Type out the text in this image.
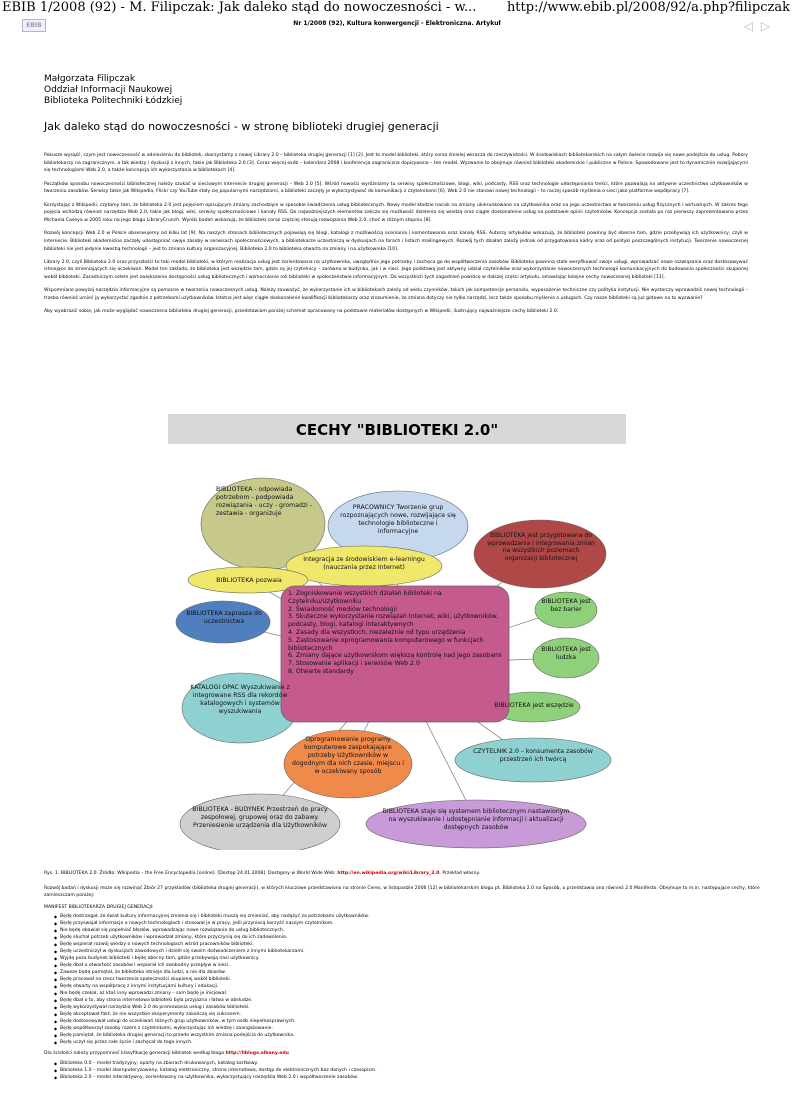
EBIB 1/2008 (92) - M. Filipczak: Jak daleko stąd do nowoczesności - w... http://www.ebib.pl/2008/92/a.php?filipczak
EBIB	Nr 1/2008 (92), Kultura konwergencji - Elektroniczna. Artykuł	◁ ▷
Małgorzata Filipczak
Oddział Informacji Naukowej
Biblioteka Politechniki Łódzkiej
Jak daleko stąd do nowoczesności - w stronę biblioteki drugiej generacji

Pokusze wysąść, czym jest nowoczesność w odniesieniu do bibliotek, skorzystamy z nowej Library 2.0 – biblioteka drugiej generacji [1] [2]. Jest to model biblioteki, który coraz śmielej wkracza do rzeczywistości. W środowiskach bibliotekarskich na całym świecie rozwija się nowe podejście do usług. Pobory bibliotekarzy na zagranicznym, a tak wiedzy i dyskusji z innych, takie jak Biblioteka 2.0 [3]. Coraz więcej osób – kalendarz 2008 i konferencja zagraniczna dopisywana – ten model. Wyzwanie to obejmuje również biblioteki akademickie i publiczne w Polsce. Spowodowane jest to dynamicznie rozwijającymi się technologiami Web 2.0, a także koncepcją ich wykorzystania w bibliotekach [4].

Początków sposobu nowoczesności bibliotecznej należy szukać w sieciowym internecie drugiej generacji – Web 2.0 [5]. Wśród nowości wyróżniamy tu serwisy społecznościowe, blogi, wiki, podcasty, RSS oraz technologie udostępniania treści, które pozwalają na aktywne uczestnictwo użytkowników w tworzeniu zasobów. Serwisy takie jak Wikipedia, Flickr czy YouTube stały się popularnymi narzędziami, a biblioteki zaczęły je wykorzystywać do komunikacji z czytelnikami [6]. Web 2.0 nie stanowi nowej technologii – to raczej sposób myślenia o sieci jako platformie współpracy [7].

Korzystając z Wikipedii, czytamy tam, że biblioteka 2.0 jest pojęciem opisującym zmiany zachodzące w sposobie świadczenia usług bibliotecznych. Nowy model kładzie nacisk na zmiany ukierunkowane na użytkownika oraz na jego uczestnictwo w tworzeniu usług fizycznych i wirtualnych. W zakres tego pojęcia wchodzą również narzędzia Web 2.0, takie jak blogi, wiki, serwisy społecznościowe i kanały RSS. Do najważniejszych elementów zalicza się możliwość dzielenia się wiedzą oraz ciągłe doskonalenie usług na podstawie opinii czytelników. Koncepcja została po raz pierwszy zaprezentowana przez Michaela Caseya w 2005 roku na jego blogu LibraryCrunch. Wyniki badań wskazują, że biblioteki coraz częściej stosują rozwiązania Web 2.0, choć w różnym stopniu [8].

Rozwój koncepcji Web 2.0 w Polsce obserwujemy od kilku lat [9]. Na naszych stronach bibliotecznych pojawiają się blogi, katalogi z możliwością oceniania i komentowania oraz kanały RSS. Autorzy artykułów wskazują, że biblioteki powinny być obecne tam, gdzie przebywają ich użytkownicy, czyli w internecie. Biblioteki akademickie zaczęły udostępniać swoje zasoby w serwisach społecznościowych, a bibliotekarze uczestniczą w dyskusjach na forach i listach mailingowych. Rozwój tych działań zależy jednak od przygotowania kadry oraz od polityki poszczególnych instytucji. Tworzenie nowoczesnej biblioteki nie jest jedynie kwestią technologii – jest to zmiana kultury organizacyjnej. Biblioteka 2.0 to biblioteka otwarta na zmiany i na użytkownika [10].

Library 2.0, czyli Biblioteka 2.0 oraz przyszłości to taki model biblioteki, w którym realizacja usług jest zorientowana na użytkownika, uwzględnia jego potrzeby i zachęca go do współtworzenia zasobów. Biblioteka powinna stale weryfikować swoje usługi, wprowadzać nowe rozwiązania oraz dostosowywać istniejące do zmieniających się oczekiwań. Model ten zakłada, że biblioteka jest wszędzie tam, gdzie są jej czytelnicy – zarówno w budynku, jak i w sieci. Jego podstawą jest aktywny udział czytelników oraz wykorzystanie nowoczesnych technologii komunikacyjnych do budowania społeczności skupionej wokół biblioteki. Zasadniczym celem jest zwiększenie dostępności usług bibliotecznych i wzmocnienie roli biblioteki w społeczeństwie informacyjnym. Do wszystkich tych zagadnień powrócę w dalszej części artykułu, omawiając kolejne cechy nowoczesnej biblioteki [11].

Wspomniane powyżej narzędzia informacyjne są pomocne w tworzeniu nowoczesnych usług. Należy zauważyć, że wykorzystanie ich w bibliotekach zależy od wielu czynników, takich jak kompetencje personelu, wyposażenie techniczne czy polityka instytucji. Nie wystarczy wprowadzić nowej technologii – trzeba również umieć ją wykorzystać zgodnie z potrzebami użytkowników. Istotne jest więc ciągłe doskonalenie kwalifikacji bibliotekarzy oraz zrozumienie, że zmiana dotyczy nie tylko narzędzi, lecz także sposobu myślenia o usługach. Czy nasze biblioteki są już gotowe na to wyzwanie?

Aby wyobrazić sobie, jak może wyglądać nowoczesna biblioteka drugiej generacji, przedstawiam poniżej schemat opracowany na podstawie materiałów dostępnych w Wikipedii, ilustrujący najważniejsze cechy biblioteki 2.0:

CECHY "BIBLIOTEKI 2.0"
BIBLIOTEKA - odpowiada potrzebom - podpowiada rozwiązania - uczy - gromadzi - zestawia - organizuje
PRACOWNICY Tworzenie grup rozpoznających nowe, rozwijające się technologie biblioteczne i informacyjne
BIBLIOTEKA jest przygotowana do wprowadzania i integrowania zmian na wszystkich poziomach organizacji bibliotecznej
Integracja ze środowiskiem e-learningu (nauczania przez Internet)
BIBLIOTEKA pozwala
BIBLIOTEKA jest bez barier
BIBLIOTEKA zaprasza do uczestnictwa
BIBLIOTEKA jest ludzka
KATALOGI OPAC Wyszukiwanie z integrowane RSS dla rekordów katalogowych i systemów wyszukiwania
BIBLIOTEKA jest wszędzie
Oprogramowanie programy komputerowe zaspokajające potrzeby Użytkowników w dogodnym dla nich czasie, miejscu i w oczekiwany sposób
CZYTELNIK 2.0 – konsumenta zasobów przestrzeń ich twórcą
BIBLIOTEKA - BUDYNEK Przestrzeń do pracy zespołowej, grupowej oraz do zabawy. Przeniesienie urządzenia dla Użytkowników
BIBLIOTEKA staje się systemem bibliotecznym nastawionym na wyszukiwanie i udostępnianie informacji i aktualizacji dostępnych zasobów
1. Zogniskowanie wszystkich działań biblioteki na Czytelniku/Użytkowniku
2. Świadomość mediów technologii
3. Skuteczne wykorzystanie rozwiązań Internet, wiki, użytkowników, podcasty, blogi, katalogi interaktywnych
4. Zasady dla wszystkich, niezależnie od typu urządzenia
5. Zastosowanie oprogramowania komputerowego w funkcjach bibliotecznych
6. Zmiany dające użytkownikom większą kontrolę nad jego zasobami
7. Stosowanie aplikacji i serwisów Web 2.0
8. Otwarte standardy
Rys. 1. BIBLIOTEKA 2.0. Źródło: Wikipedia – the Free Encyclopedia [online]. [Dostęp 24.01.2008]. Dostępny w World Wide Web: http://en.wikipedia.org/wiki/Library_2.0. Przekład własny.

Rozwój badań i dyskusji może się rozwinąć Zbiór 27 przykładów (biblioteka drugiej generacji), w których kluczowe przedstawiono na stronie Ceres, w listopadzie 2006 [12] w bibliotekarskim blogu pt. Biblioteka 2.0 na Sposób, a przedstawia ono również 2.0 Manifesto. Obejmuje to m.in. następujące cechy, które zamieszczam poniżej:

MANIFEST BIBLIOTEKARZA DRUGIEJ GENERACJI:

◆ Będę dostrzegał, że świat kultury informacyjnej zmienia się i biblioteki muszą się zmieniać, aby nadążyć za potrzebami użytkowników.
◆ Będę przyswajał informacje o nowych technologiach i stosował je w pracy, jeśli przyniosą korzyść naszym czytelnikom.
◆ Nie będę obawiał się popełniać błędów, wprowadzając nowe rozwiązania do usług bibliotecznych.
◆ Będę słuchał potrzeb użytkowników i wprowadzał zmiany, które przyczynią się do ich zadowolenia.
◆ Będę wspierał rozwój wiedzy o nowych technologiach wśród pracowników biblioteki.
◆ Będę uczestniczył w dyskusjach zawodowych i dzielił się swoim doświadczeniem z innymi bibliotekarzami.
◆ Wyjdę poza budynek biblioteki i będę obecny tam, gdzie przebywają nasi użytkownicy.
◆ Będę dbał o otwartość zasobów i wspierał ich swobodny przepływ w sieci.
◆ Zawsze będę pamiętał, że biblioteka istnieje dla ludzi, a nie dla zbiorów.
◆ Będę pracował na rzecz tworzenia społeczności skupionej wokół biblioteki.
◆ Będę otwarty na współpracę z innymi instytucjami kultury i edukacji.
◆ Nie będę czekał, aż ktoś inny wprowadzi zmiany – sam będę je inicjował.
◆ Będę dbał o to, aby strona internetowa biblioteki była przyjazna i łatwa w obsłudze.
◆ Będę wykorzystywał narzędzia Web 2.0 do promowania usług i zasobów biblioteki.
◆ Będę akceptował fakt, że nie wszystkie eksperymenty zakończą się sukcesem.
◆ Będę dostosowywał usługi do oczekiwań różnych grup użytkowników, w tym osób niepełnosprawnych.
◆ Będę współtworzył zasoby razem z czytelnikami, wykorzystując ich wiedzę i zaangażowanie.
◆ Będę pamiętał, że biblioteka drugiej generacji to przede wszystkim zmiana podejścia do użytkownika.
◆ Będę uczył się przez całe życie i zachęcał do tego innych.

Dla ścisłości należy przypomnieć klasyfikację generacji bibliotek według bloga http://liblogs.albany.edu

◆ Biblioteka 0.0 – model tradycyjny, oparty na zbiorach drukowanych, katalog kartkowy.
◆ Biblioteka 1.0 – model skomputeryzowany, katalog elektroniczny, strona internetowa, dostęp do elektronicznych baz danych i czasopism.
◆ Biblioteka 2.0 – model interaktywny, zorientowany na użytkownika, wykorzystujący narzędzia Web 2.0 i współtworzenie zasobów.
